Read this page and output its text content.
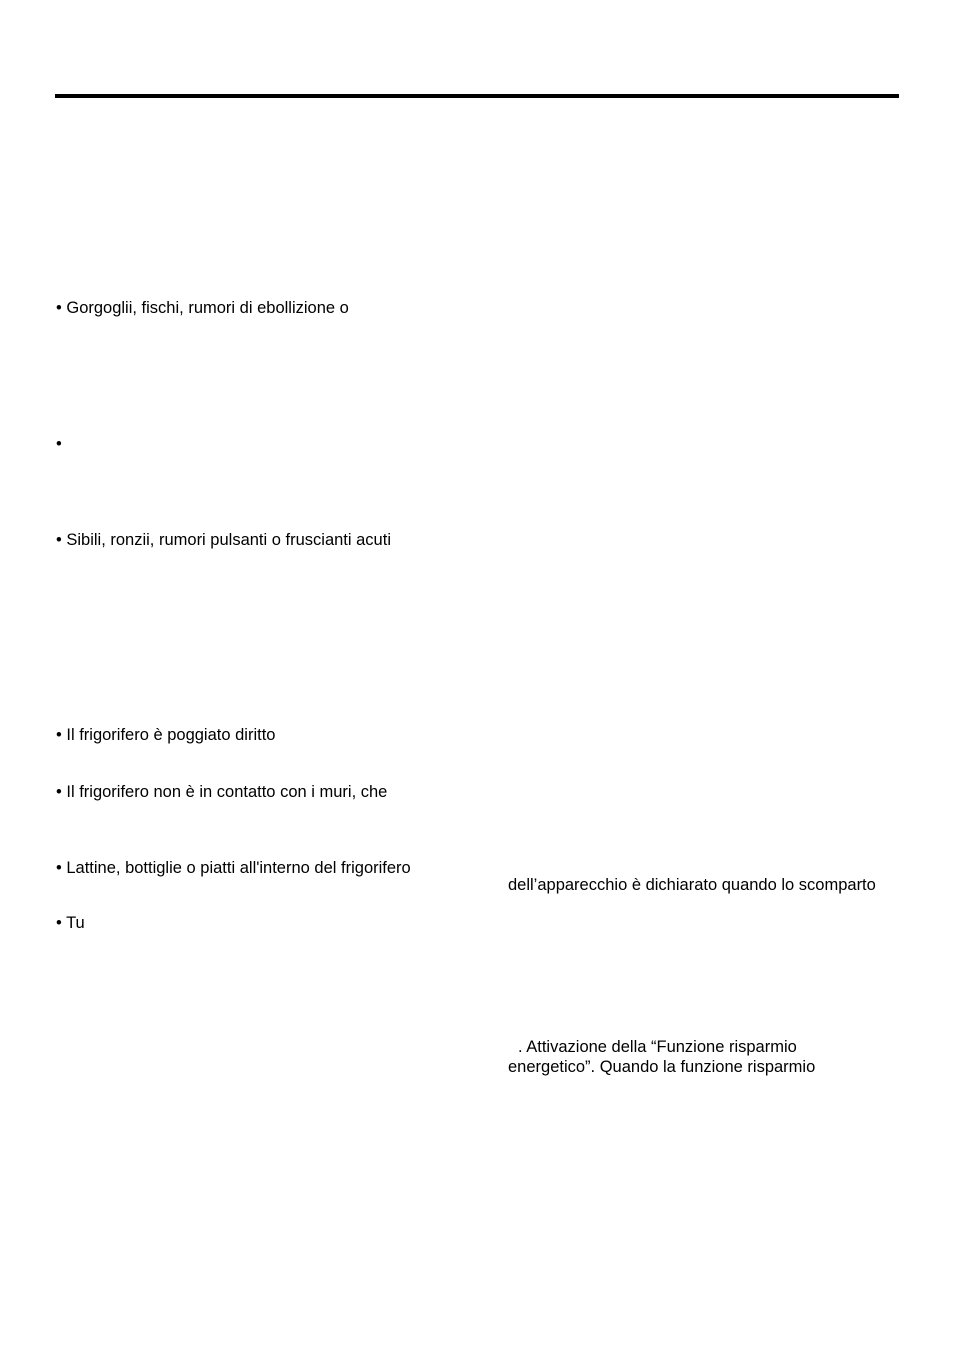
• Gorgoglii, fischi, rumori di ebollizione o
•
• Sibili, ronzii, rumori pulsanti o fruscianti acuti
• Il frigorifero è poggiato diritto
• Il frigorifero non è in contatto con i muri, che
• Lattine, bottiglie o piatti all'interno del frigorifero
• Tu
dell’apparecchio è dichiarato quando lo scomparto
. Attivazione della “Funzione risparmio
energetico”. Quando la funzione risparmio
